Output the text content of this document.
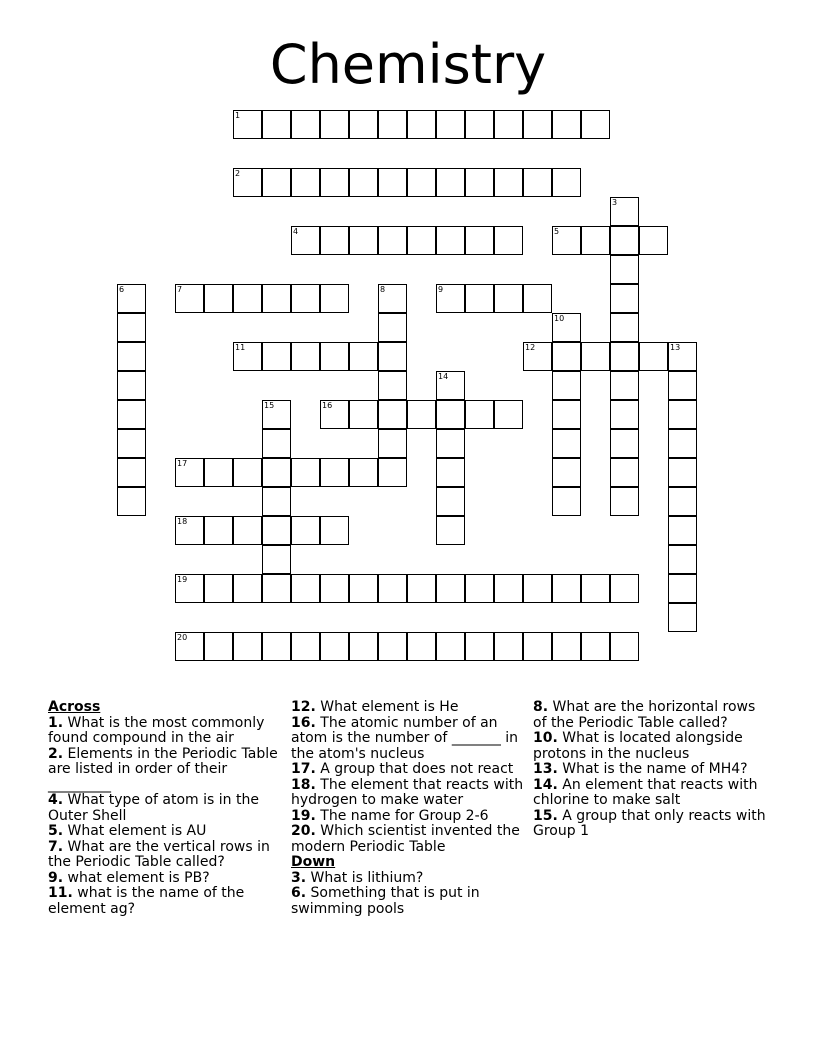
Chemistry
1
2
3
4	5
6	7	8	9
10
11	12	13
14
15	16
17
18
19
20
Across
1. What is the most commonly found compound in the air
2. Elements in the Periodic Table are listed in order of their _________
4. What type of atom is in the Outer Shell
5. What element is AU
7. What are the vertical rows in the Periodic Table called?
9. what element is PB?
11. what is the name of the element ag?
12. What element is He
16. The atomic number of an atom is the number of _______ in the atom's nucleus
17. A group that does not react
18. The element that reacts with hydrogen to make water
19. The name for Group 2-6
20. Which scientist invented the modern Periodic Table
Down
3. What is lithium?
6. Something that is put in swimming pools
8. What are the horizontal rows of the Periodic Table called?
10. What is located alongside protons in the nucleus
13. What is the name of MH4?
14. An element that reacts with chlorine to make salt
15. A group that only reacts with Group 1
